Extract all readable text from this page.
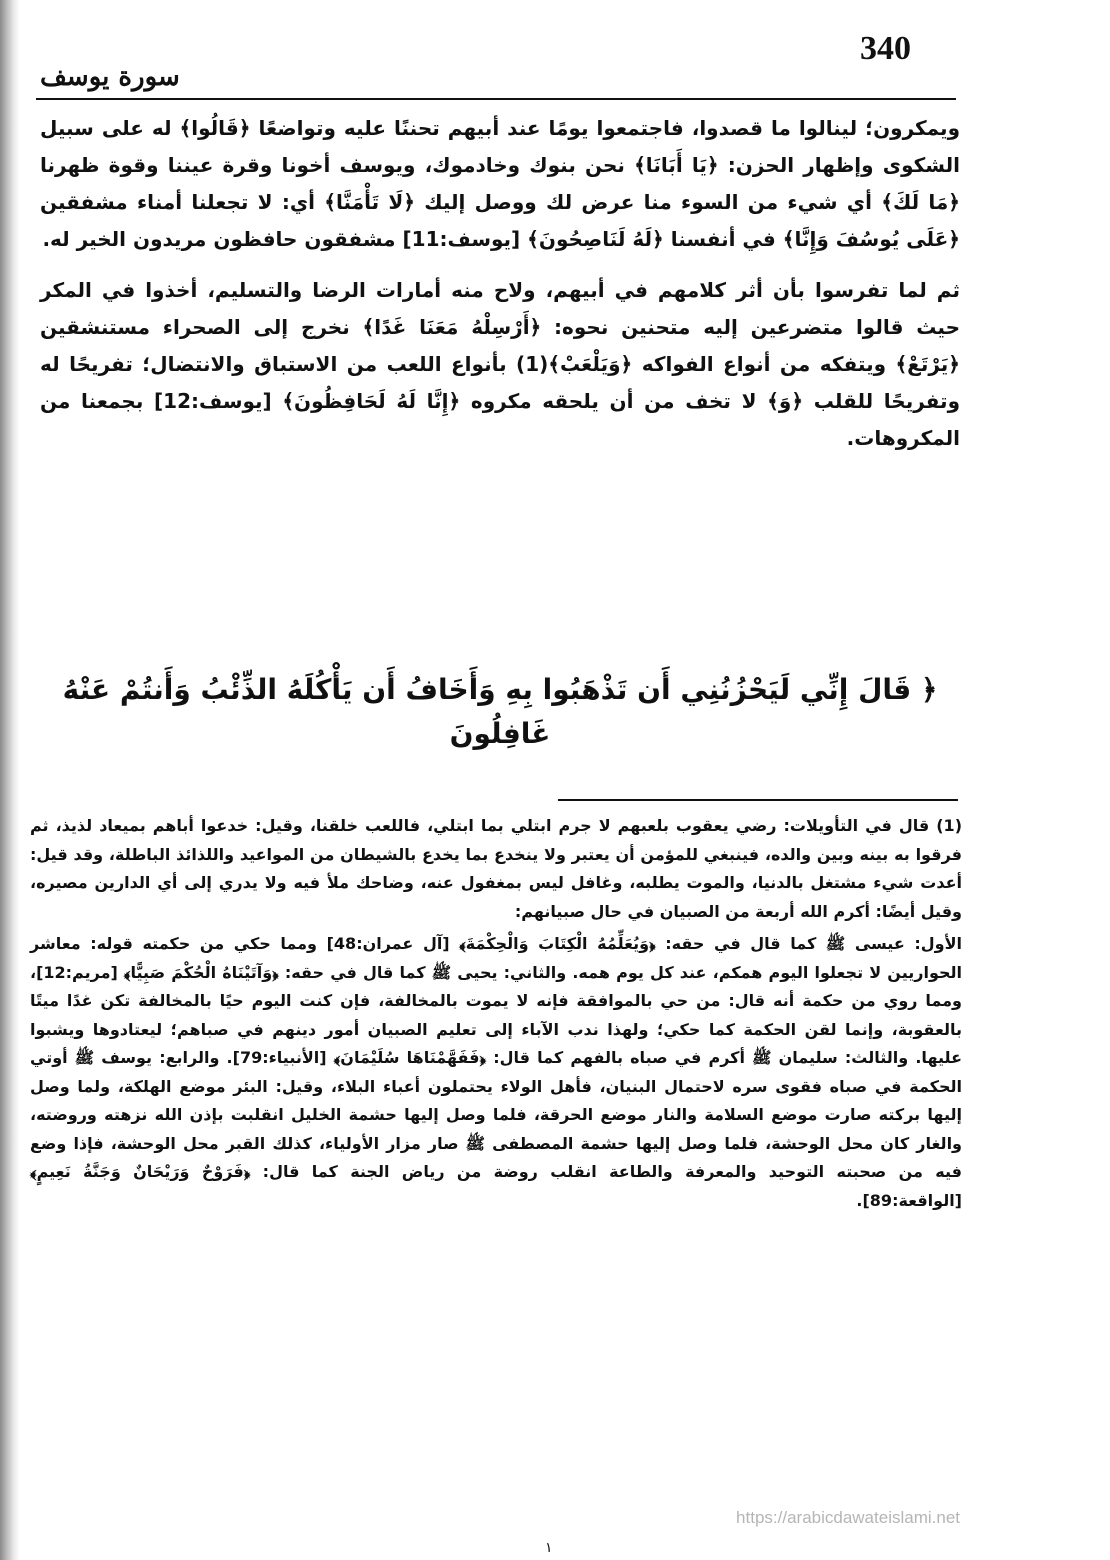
340
سورة يوسف

ويمكرون؛ لينالوا ما قصدوا، فاجتمعوا يومًا عند أبيهم تحننًا عليه وتواضعًا ﴿قَالُوا﴾ له على سبيل الشكوى وإظهار الحزن: ﴿يَا أَبَانَا﴾ نحن بنوك وخادموك، ويوسف أخونا وقرة عيننا وقوة ظهرنا ﴿مَا لَكَ﴾ أي شيء من السوء منا عرض لك ووصل إليك ﴿لَا تَأْمَنَّا﴾ أي: لا تجعلنا أمناء مشفقين ﴿عَلَى يُوسُفَ وَإِنَّا﴾ في أنفسنا ﴿لَهُ لَنَاصِحُونَ﴾ [يوسف:11] مشفقون حافظون مريدون الخير له.

ثم لما تفرسوا بأن أثر كلامهم في أبيهم، ولاح منه أمارات الرضا والتسليم، أخذوا في المكر حيث قالوا متضرعين إليه متحنين نحوه: ﴿أَرْسِلْهُ مَعَنَا غَدًا﴾ نخرج إلى الصحراء مستنشقين ﴿يَرْتَعْ﴾ ويتفكه من أنواع الفواكه ﴿وَيَلْعَبْ﴾(1) بأنواع اللعب من الاستباق والانتضال؛ تفريحًا له وتفريحًا للقلب ﴿وَ﴾ لا تخف من أن يلحقه مكروه ﴿إِنَّا لَهُ لَحَافِظُونَ﴾ [يوسف:12] بجمعنا من المكروهات.

﴿ قَالَ إِنِّي لَيَحْزُنُنِي أَن تَذْهَبُوا بِهِ وَأَخَافُ أَن يَأْكُلَهُ الذِّئْبُ وَأَنتُمْ عَنْهُ غَافِلُونَ

(1) قال في التأويلات: رضي يعقوب بلعبهم لا جرم ابتلي بما ابتلي، فاللعب خلقنا، وقيل: خدعوا أباهم بميعاد لذيذ، ثم فرقوا به بينه وبين والده، فينبغي للمؤمن أن يعتبر ولا ينخدع بما يخدع بالشيطان من المواعيد واللذائذ الباطلة، وقد قيل: أعدت شيء مشتغل بالدنيا، والموت يطلبه، وغافل ليس بمغفول عنه، وضاحك ملأ فيه ولا يدري إلى أي الدارين مصيره، وقيل أيضًا: أكرم الله أربعة من الصبيان في حال صبيانهم:

الأول: عيسى ﷺ كما قال في حقه: ﴿وَيُعَلِّمُهُ الْكِتَابَ وَالْحِكْمَةَ﴾ [آل عمران:48] ومما حكي من حكمته قوله: معاشر الحواريين لا تجعلوا اليوم همكم، عند كل يوم همه. والثاني: يحيى ﷺ كما قال في حقه: ﴿وَآتَيْنَاهُ الْحُكْمَ صَبِيًّا﴾ [مريم:12]، ومما روي من حكمة أنه قال: من حي بالموافقة فإنه لا يموت بالمخالفة، فإن كنت اليوم حيًا بالمخالفة تكن غدًا ميتًا بالعقوبة، وإنما لقن الحكمة كما حكي؛ ولهذا ندب الآباء إلى تعليم الصبيان أمور دينهم في صباهم؛ ليعتادوها ويشبوا عليها. والثالث: سليمان ﷺ أكرم في صباه بالفهم كما قال: ﴿فَفَهَّمْنَاهَا سُلَيْمَانَ﴾ [الأنبياء:79]. والرابع: يوسف ﷺ أوتي الحكمة في صباه فقوى سره لاحتمال البنيان، فأهل الولاء يحتملون أعباء البلاء، وقيل: البئر موضع الهلكة، ولما وصل إليها بركته صارت موضع السلامة والنار موضع الحرقة، فلما وصل إليها حشمة الخليل انقلبت بإذن الله نزهته وروضته، والغار كان محل الوحشة، فلما وصل إليها حشمة المصطفى ﷺ صار مزار الأولياء، كذلك القبر محل الوحشة، فإذا وضع فيه من صحبته التوحيد والمعرفة والطاعة انقلب روضة من رياض الجنة كما قال: ﴿فَرَوْحٌ وَرَيْحَانٌ وَجَنَّةُ نَعِيمٍ﴾ [الواقعة:89].

https://arabicdawateislami.net
١
